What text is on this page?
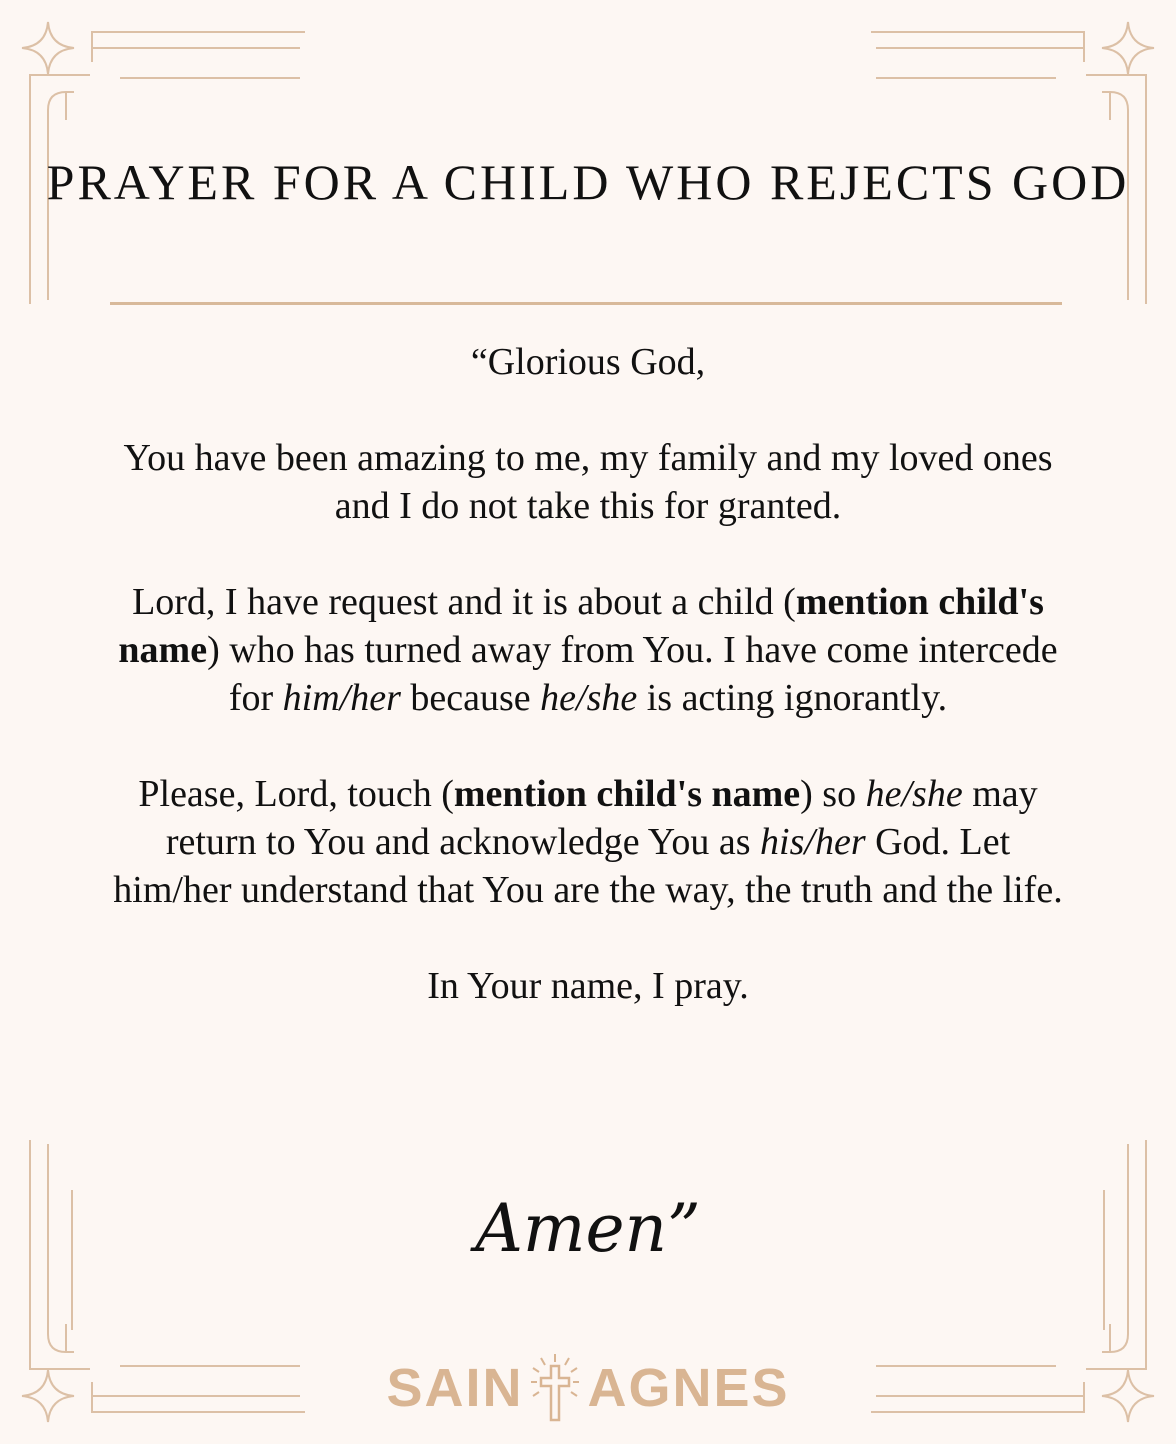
PRAYER FOR A CHILD WHO REJECTS GOD

“Glorious God,

You have been amazing to me, my family and my loved ones and I do not take this for granted.

Lord, I have request and it is about a child (mention child's name) who has turned away from You. I have come intercede for him/her because he/she is acting ignorantly.

Please, Lord, touch (mention child's name) so he/she may return to You and acknowledge You as his/her God. Let him/her understand that You are the way, the truth and the life.

In Your name, I pray.

Amen”
SAIN AGNES
